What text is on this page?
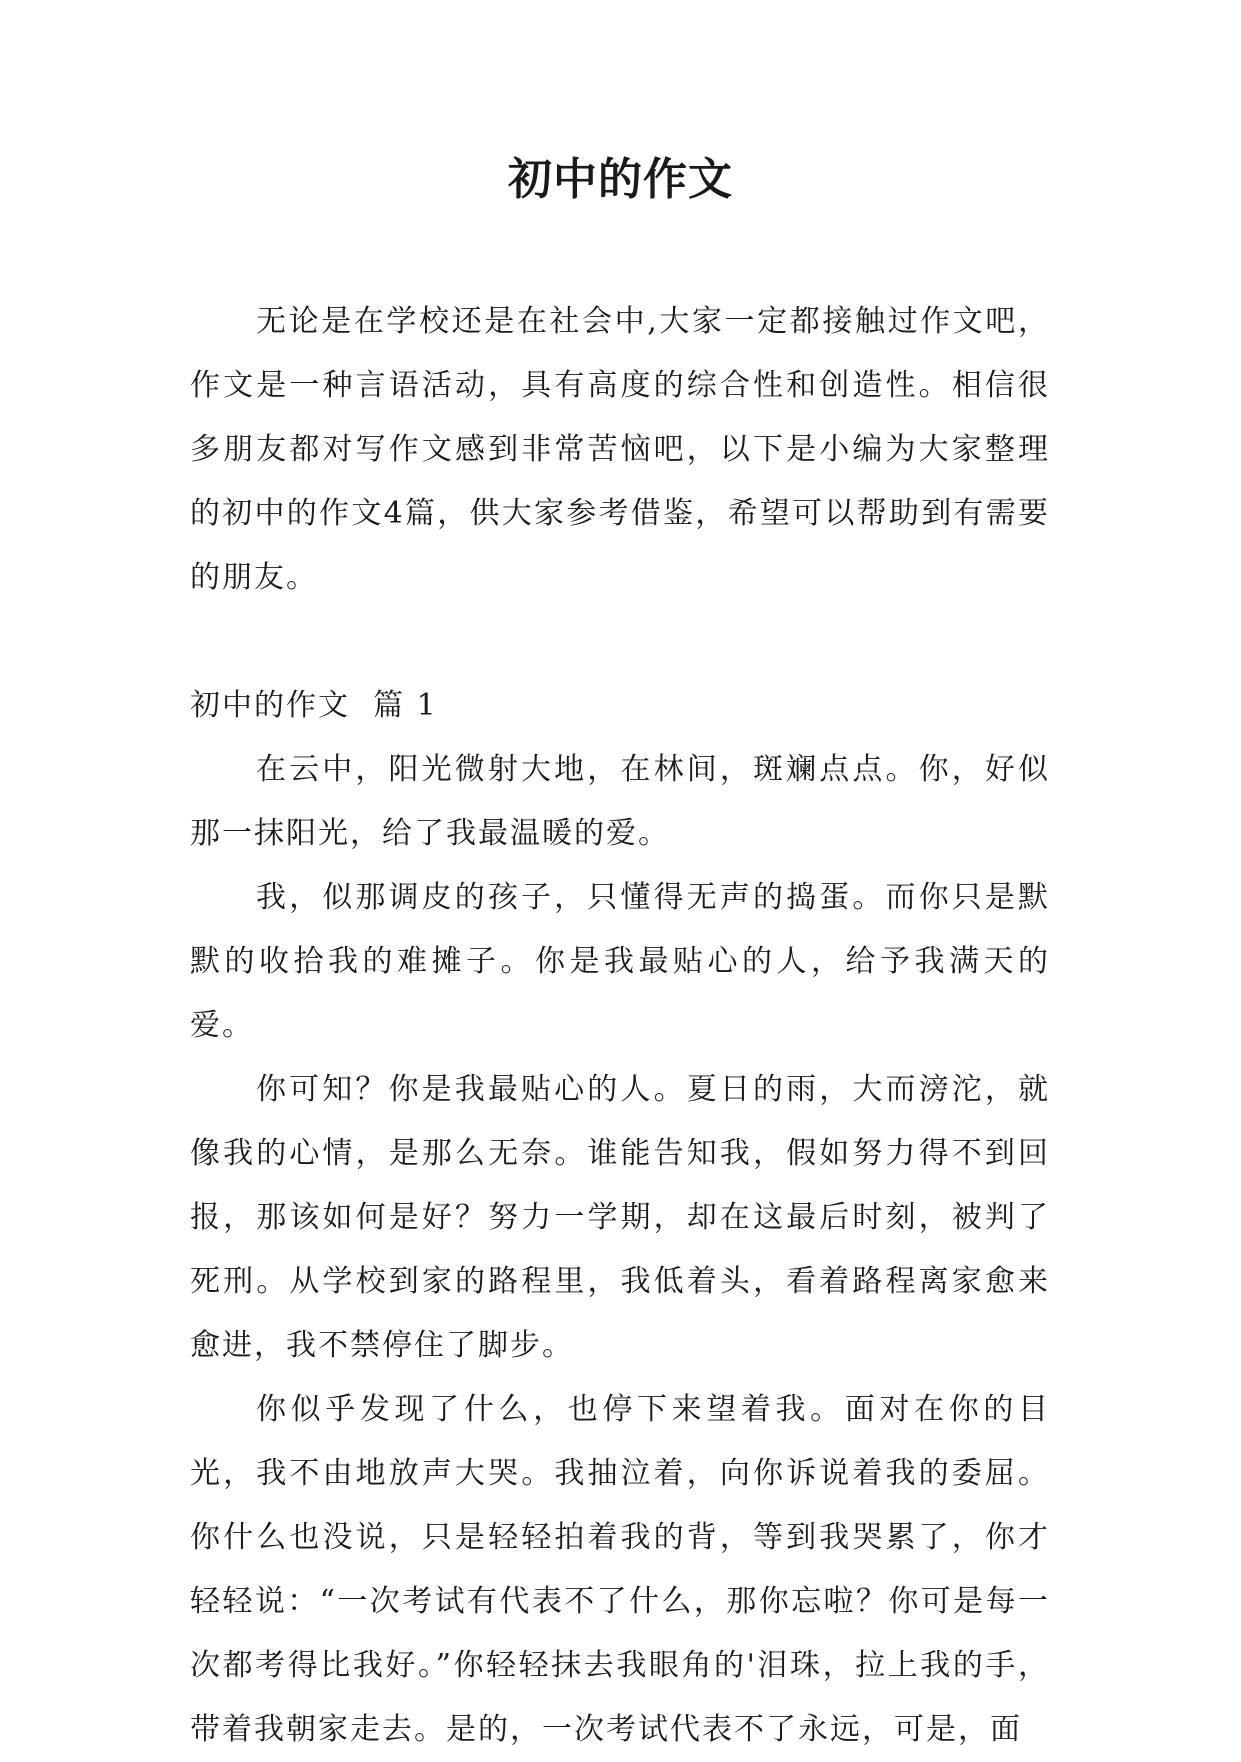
初中的作文

无论是在学校还是在社会中,大家一定都接触过作文吧，作文是一种言语活动，具有高度的综合性和创造性。相信很多朋友都对写作文感到非常苦恼吧，以下是小编为大家整理的初中的作文4篇，供大家参考借鉴，希望可以帮助到有需要的朋友。

初中的作文  篇 1

在云中，阳光微射大地，在林间，斑斓点点。你，好似那一抹阳光，给了我最温暖的爱。

我，似那调皮的孩子，只懂得无声的捣蛋。而你只是默默的收拾我的难摊子。你是我最贴心的人，给予我满天的爱。

你可知？你是我最贴心的人。夏日的雨，大而滂沱，就像我的心情，是那么无奈。谁能告知我，假如努力得不到回报，那该如何是好？努力一学期，却在这最后时刻，被判了死刑。从学校到家的路程里，我低着头，看着路程离家愈来愈进，我不禁停住了脚步。

你似乎发现了什么，也停下来望着我。面对在你的目光，我不由地放声大哭。我抽泣着，向你诉说着我的委屈。你什么也没说，只是轻轻拍着我的背，等到我哭累了，你才轻轻说：“一次考试有代表不了什么，那你忘啦？你可是每一次都考得比我好。”你轻轻抹去我眼角的'泪珠，拉上我的手，带着我朝家走去。是的，一次考试代表不了永远，可是，面
